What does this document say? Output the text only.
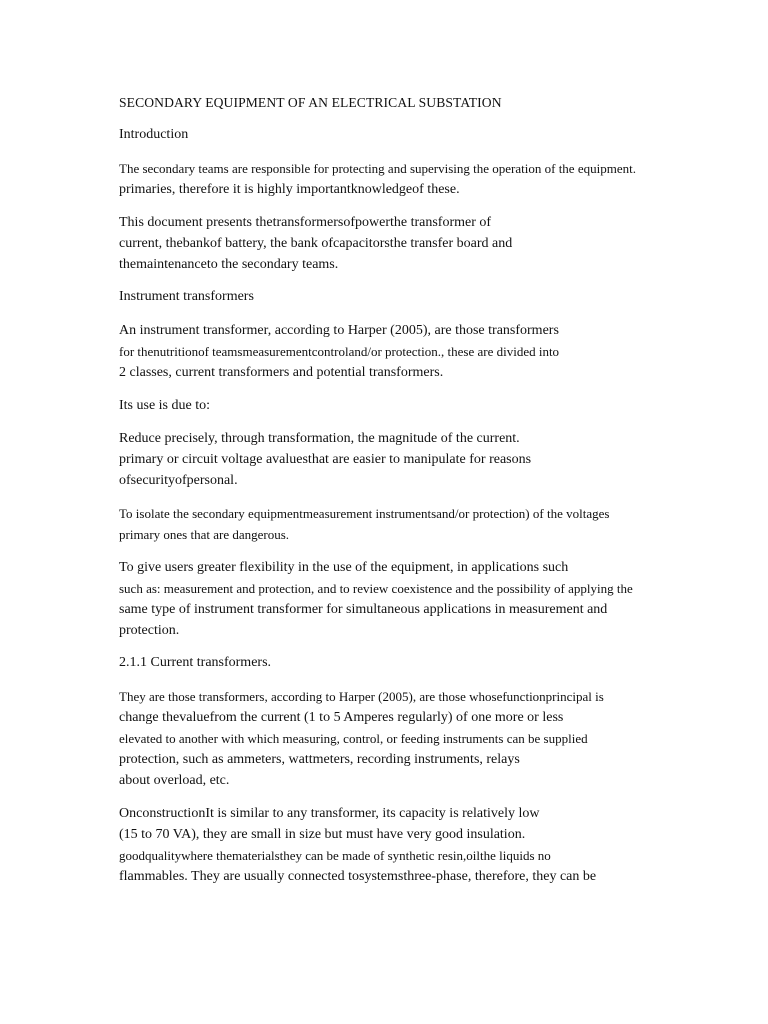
SECONDARY EQUIPMENT OF AN ELECTRICAL SUBSTATION
Introduction
The secondary teams are responsible for protecting and supervising the operation of the equipment.
primaries, therefore it is highly importantknowledgeof these.
This document presents thetransformersofpowerthe transformer of
current, thebankof battery, the bank ofcapacitorsthe transfer board and
themaintenanceto the secondary teams.
Instrument transformers
An instrument transformer, according to Harper (2005), are those transformers
for thenutritionof teamsmeasurementcontroland/or protection., these are divided into
2 classes, current transformers and potential transformers.
Its use is due to:
Reduce precisely, through transformation, the magnitude of the current.
primary or circuit voltage avaluesthat are easier to manipulate for reasons
ofsecurityofpersonal.
To isolate the secondary equipmentmeasurement instrumentsand/or protection) of the voltages
primary ones that are dangerous.
To give users greater flexibility in the use of the equipment, in applications such
such as: measurement and protection, and to review coexistence and the possibility of applying the
same type of instrument transformer for simultaneous applications in measurement and
protection.
2.1.1 Current transformers.
They are those transformers, according to Harper (2005), are those whosefunctionprincipal is
change thevaluefrom the current (1 to 5 Amperes regularly) of one more or less
elevated to another with which measuring, control, or feeding instruments can be supplied
protection, such as ammeters, wattmeters, recording instruments, relays
about overload, etc.
OnconstructionIt is similar to any transformer, its capacity is relatively low
(15 to 70 VA), they are small in size but must have very good insulation.
goodqualitywhere thematerialsthey can be made of synthetic resin,oilthe liquids no
flammables. They are usually connected tosystemsthree-phase, therefore, they can be
